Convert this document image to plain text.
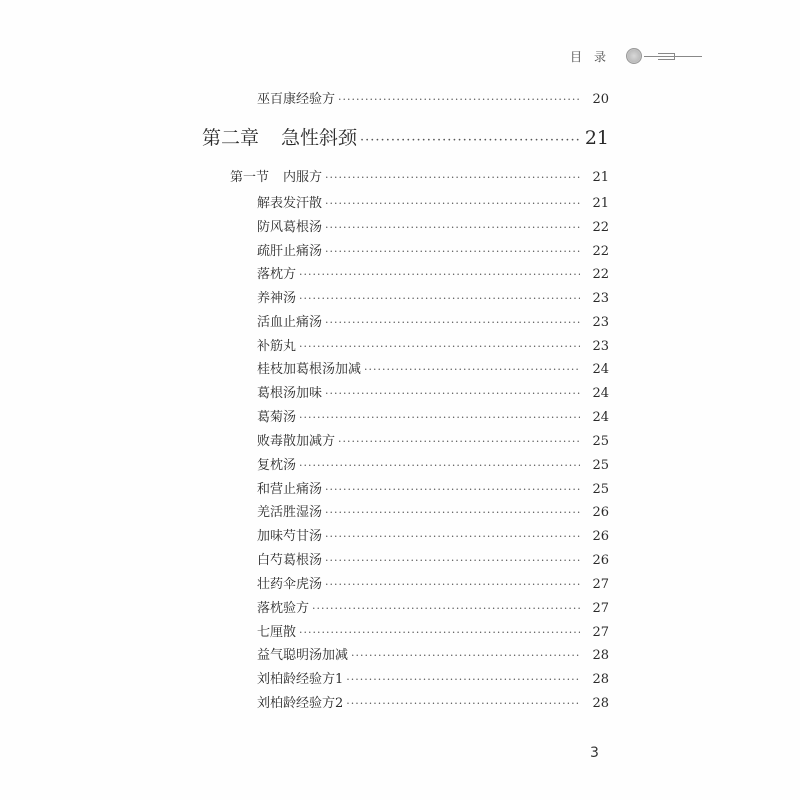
目录
巫百康经验方 ·····	20
第二章 急性斜颈 ·····	21
第一节 内服方 ·····	21
解表发汗散 ·····	21
防风葛根汤 ·····	22
疏肝止痛汤 ·····	22
落枕方 ·····	22
养神汤 ·····	23
活血止痛汤 ·····	23
补筋丸 ·····	23
桂枝加葛根汤加减 ·····	24
葛根汤加味 ·····	24
葛菊汤 ·····	24
败毒散加减方 ·····	25
复枕汤 ·····	25
和营止痛汤 ·····	25
羌活胜湿汤 ·····	26
加味芍甘汤 ·····	26
白芍葛根汤 ·····	26
壮药伞虎汤 ·····	27
落枕验方 ·····	27
七厘散 ·····	27
益气聪明汤加减 ·····	28
刘柏龄经验方1 ·····	28
刘柏龄经验方2 ·····	28
3
